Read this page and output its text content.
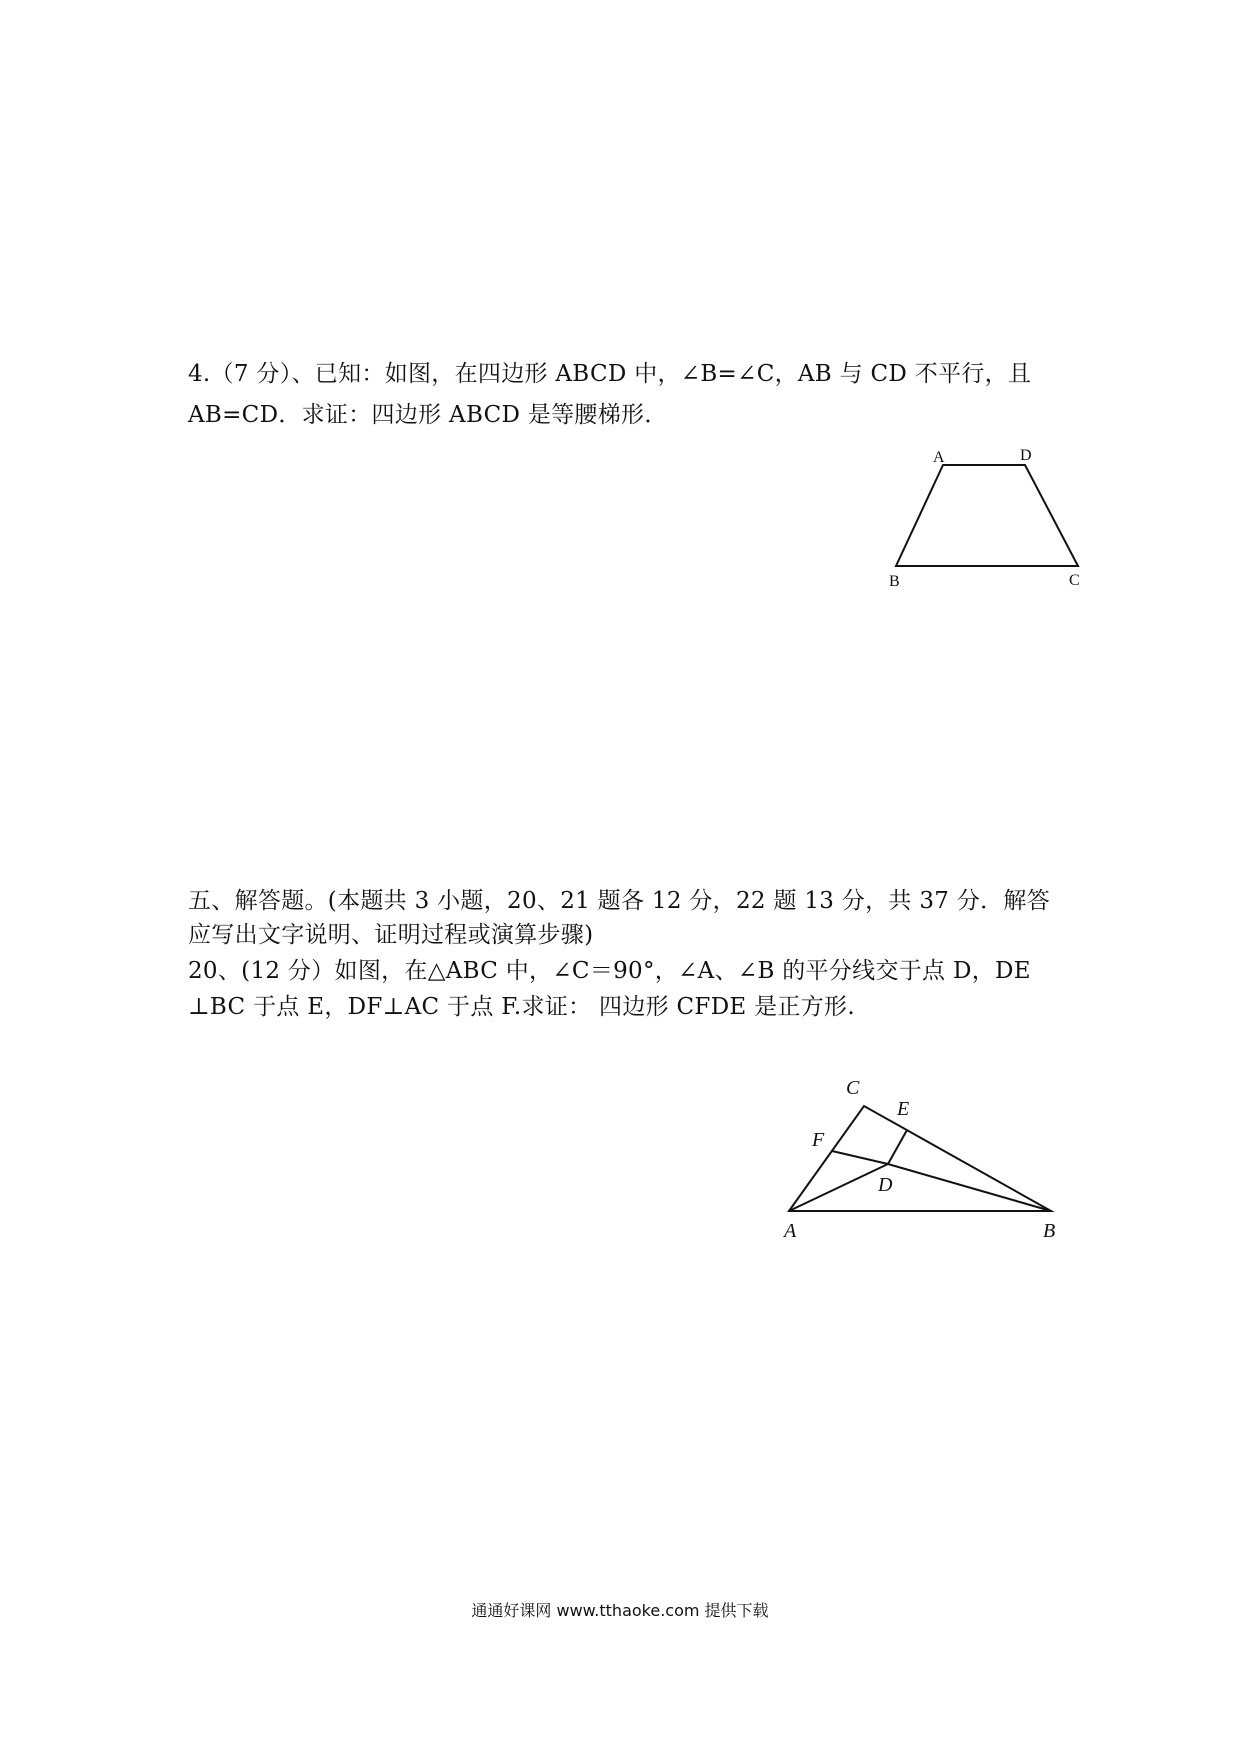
4.（7 分）、已知：如图，在四边形 ABCD 中，∠B=∠C，AB 与 CD 不平行，且
AB=CD．求证：四边形 ABCD 是等腰梯形．
A	D
B	C
五、解答题。(本题共 3 小题，20、21 题各 12 分，22 题 13 分，共 37 分．解答
应写出文字说明、证明过程或演算步骤)
20、(12 分）如图，在△ABC 中，∠C＝90°，∠A、∠B 的平分线交于点 D，DE
⊥BC 于点 E，DF⊥AC 于点 F.求证： 四边形 CFDE 是正方形.
C
E
F
D
A	B
通通好课网 www.tthaoke.com 提供下载
